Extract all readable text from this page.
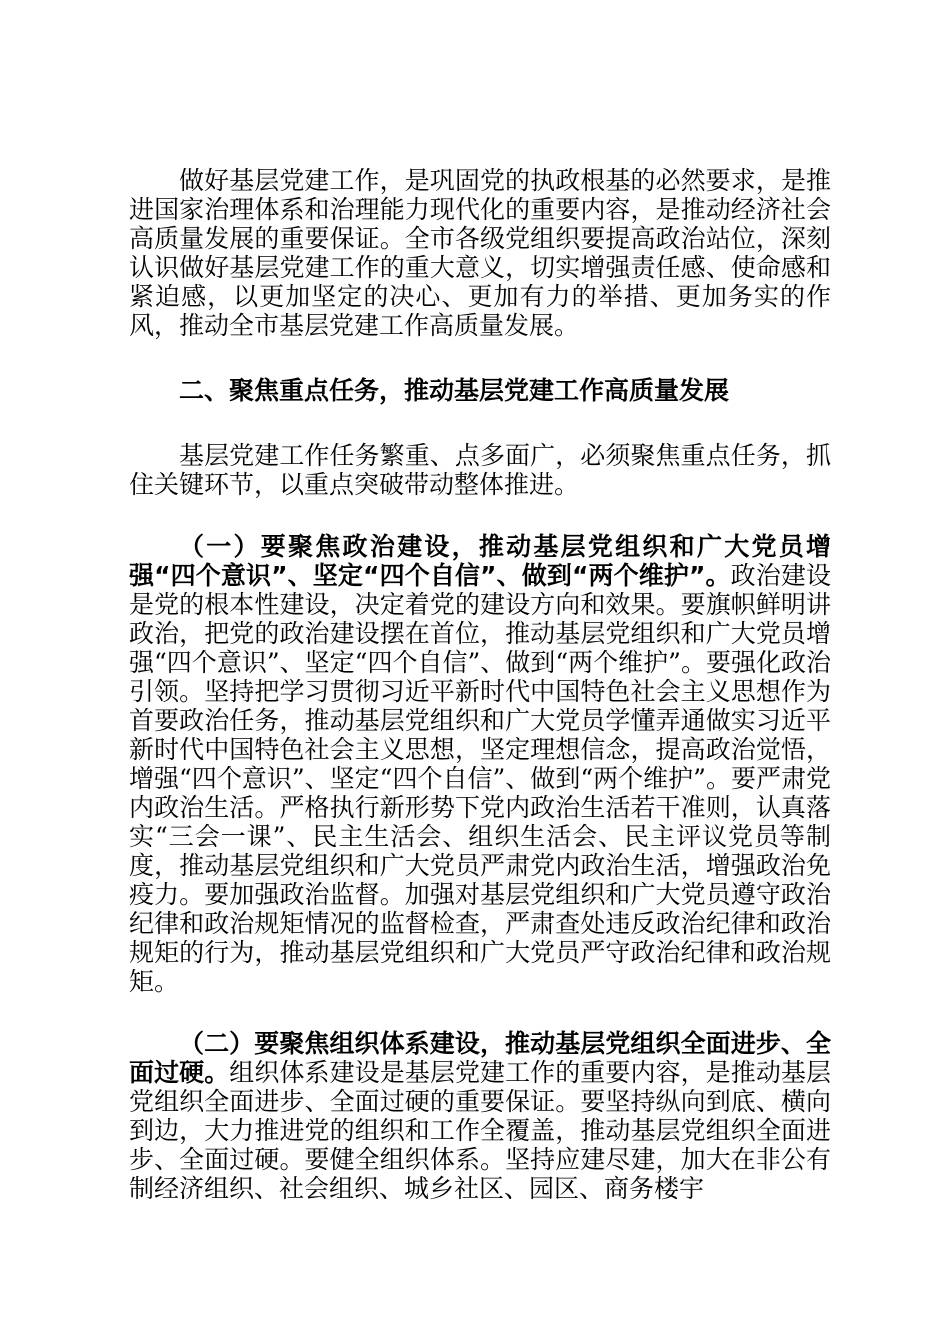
做好基层党建工作，是巩固党的执政根基的必然要求，是推进国家治理体系和治理能力现代化的重要内容，是推动经济社会高质量发展的重要保证。全市各级党组织要提高政治站位，深刻认识做好基层党建工作的重大意义，切实增强责任感、使命感和紧迫感，以更加坚定的决心、更加有力的举措、更加务实的作风，推动全市基层党建工作高质量发展。

二、聚焦重点任务，推动基层党建工作高质量发展

基层党建工作任务繁重、点多面广，必须聚焦重点任务，抓住关键环节，以重点突破带动整体推进。

（一）要聚焦政治建设，推动基层党组织和广大党员增强“四个意识”、坚定“四个自信”、做到“两个维护”。政治建设是党的根本性建设，决定着党的建设方向和效果。要旗帜鲜明讲政治，把党的政治建设摆在首位，推动基层党组织和广大党员增强“四个意识”、坚定“四个自信”、做到“两个维护”。要强化政治引领。坚持把学习贯彻习近平新时代中国特色社会主义思想作为首要政治任务，推动基层党组织和广大党员学懂弄通做实习近平新时代中国特色社会主义思想，坚定理想信念，提高政治觉悟，增强“四个意识”、坚定“四个自信”、做到“两个维护”。要严肃党内政治生活。严格执行新形势下党内政治生活若干准则，认真落实“三会一课”、民主生活会、组织生活会、民主评议党员等制度，推动基层党组织和广大党员严肃党内政治生活，增强政治免疫力。要加强政治监督。加强对基层党组织和广大党员遵守政治纪律和政治规矩情况的监督检查，严肃查处违反政治纪律和政治规矩的行为，推动基层党组织和广大党员严守政治纪律和政治规矩。

（二）要聚焦组织体系建设，推动基层党组织全面进步、全面过硬。组织体系建设是基层党建工作的重要内容，是推动基层党组织全面进步、全面过硬的重要保证。要坚持纵向到底、横向到边，大力推进党的组织和工作全覆盖，推动基层党组织全面进步、全面过硬。要健全组织体系。坚持应建尽建，加大在非公有制经济组织、社会组织、城乡社区、园区、商务楼宇
